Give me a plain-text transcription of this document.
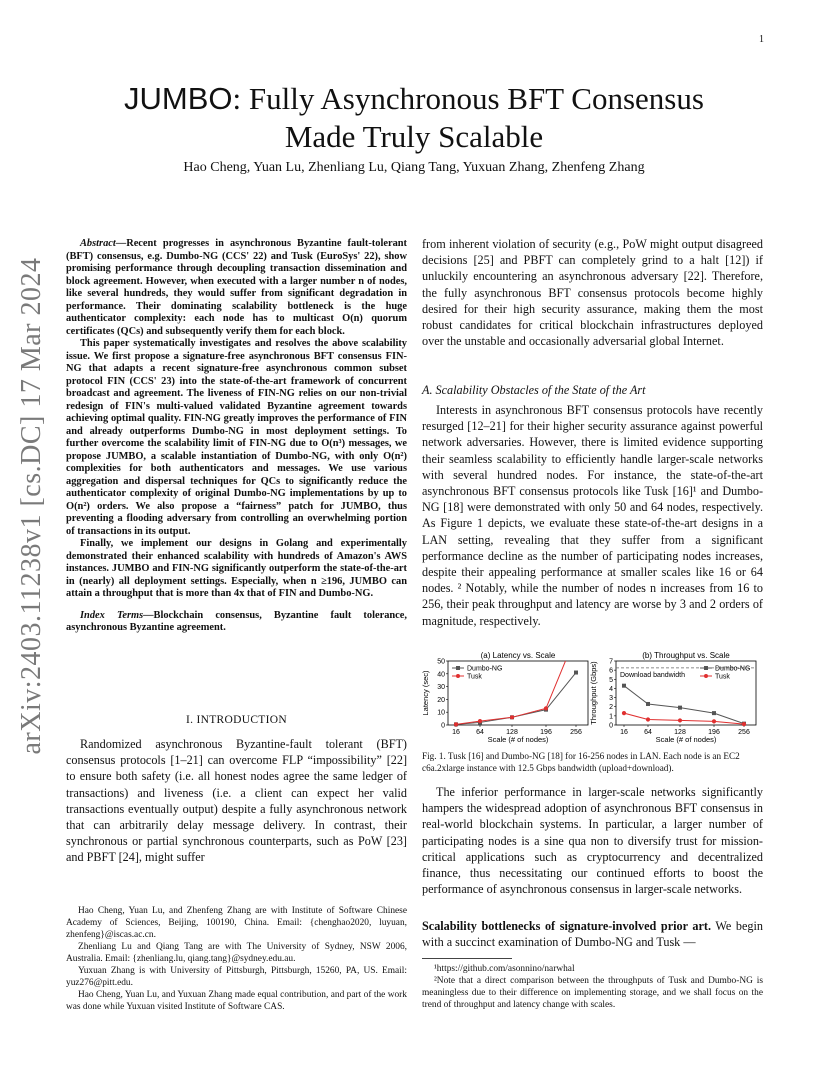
1
arXiv:2403.11238v1 [cs.DC] 17 Mar 2024
JUMBO: Fully Asynchronous BFT Consensus
Made Truly Scalable
Hao Cheng, Yuan Lu, Zhenliang Lu, Qiang Tang, Yuxuan Zhang, Zhenfeng Zhang

Abstract—Recent progresses in asynchronous Byzantine fault-tolerant (BFT) consensus, e.g. Dumbo-NG (CCS' 22) and Tusk (EuroSys' 22), show promising performance through decoupling transaction dissemination and block agreement. However, when executed with a larger number n of nodes, like several hundreds, they would suffer from significant degradation in performance. Their dominating scalability bottleneck is the huge authenticator complexity: each node has to multicast O(n) quorum certificates (QCs) and subsequently verify them for each block.

This paper systematically investigates and resolves the above scalability issue. We first propose a signature-free asynchronous BFT consensus FIN-NG that adapts a recent signature-free asynchronous common subset protocol FIN (CCS' 23) into the state-of-the-art framework of concurrent broadcast and agreement. The liveness of FIN-NG relies on our non-trivial redesign of FIN's multi-valued validated Byzantine agreement towards achieving optimal quality. FIN-NG greatly improves the performance of FIN and already outperforms Dumbo-NG in most deployment settings. To further overcome the scalability limit of FIN-NG due to O(n³) messages, we propose JUMBO, a scalable instantiation of Dumbo-NG, with only O(n²) complexities for both authenticators and messages. We use various aggregation and dispersal techniques for QCs to significantly reduce the authenticator complexity of original Dumbo-NG implementations by up to O(n²) orders. We also propose a “fairness” patch for JUMBO, thus preventing a flooding adversary from controlling an overwhelming portion of transactions in its output.

Finally, we implement our designs in Golang and experimentally demonstrated their enhanced scalability with hundreds of Amazon's AWS instances. JUMBO and FIN-NG significantly outperform the state-of-the-art in (nearly) all deployment settings. Especially, when n ≥196, JUMBO can attain a throughput that is more than 4x that of FIN and Dumbo-NG.

Index Terms—Blockchain consensus, Byzantine fault tolerance, asynchronous Byzantine agreement.

I. INTRODUCTION

Randomized asynchronous Byzantine-fault tolerant (BFT) consensus protocols [1–21] can overcome FLP “impossibility” [22] to ensure both safety (i.e. all honest nodes agree the same ledger of transactions) and liveness (i.e. a client can expect her valid transactions eventually output) despite a fully asynchronous network that can arbitrarily delay message delivery. In contrast, their synchronous or partial synchronous counterparts, such as PoW [23] and PBFT [24], might suffer

Hao Cheng, Yuan Lu, and Zhenfeng Zhang are with Institute of Software Chinese Academy of Sciences, Beijing, 100190, China. Email: {chenghao2020, luyuan, zhenfeng}@iscas.ac.cn.

Zhenliang Lu and Qiang Tang are with The University of Sydney, NSW 2006, Australia. Email: {zhenliang.lu, qiang.tang}@sydney.edu.au.

Yuxuan Zhang is with University of Pittsburgh, Pittsburgh, 15260, PA, US. Email: yuz276@pitt.edu.

Hao Cheng, Yuan Lu, and Yuxuan Zhang made equal contribution, and part of the work was done while Yuxuan visited Institute of Software CAS.

from inherent violation of security (e.g., PoW might output disagreed decisions [25] and PBFT can completely grind to a halt [12]) if unluckily encountering an asynchronous adversary [22]. Therefore, the fully asynchronous BFT consensus protocols become highly desired for their high security assurance, making them the most robust candidates for critical blockchain infrastructures deployed over the unstable and occasionally adversarial global Internet.

A. Scalability Obstacles of the State of the Art

Interests in asynchronous BFT consensus protocols have recently resurged [12–21] for their higher security assurance against powerful network adversaries. However, there is limited evidence supporting their seamless scalability to efficiently handle larger-scale networks with several hundred nodes. For instance, the state-of-the-art asynchronous BFT consensus protocols like Tusk [16]¹ and Dumbo-NG [18] were demonstrated with only 50 and 64 nodes, respectively. As Figure 1 depicts, we evaluate these state-of-the-art designs in a LAN setting, revealing that they suffer from a significant performance decline as the number of participating nodes increases, despite their appealing performance at smaller scales like 16 or 64 nodes. ² Notably, while the number of nodes n increases from 16 to 256, their peak throughput and latency are worse by 3 and 2 orders of magnitude, respectively.

(a) Latency vs. Scale
0
10
20
30
40
50
16 64	128	196	256
Scale (# of nodes)
Latency (sec)
Dumbo-NG
Tusk
(b) Throughput vs. Scale
0
1
2
3
4
5
6
7
16 64	128	196	256
Scale (# of nodes)
Throughput (Gbps)	Download bandwidth
Dumbo-NG
Tusk
Fig. 1. Tusk [16] and Dumbo-NG [18] for 16-256 nodes in LAN. Each node is an EC2 c6a.2xlarge instance with 12.5 Gbps bandwidth (upload+download).

The inferior performance in larger-scale networks significantly hampers the widespread adoption of asynchronous BFT consensus in real-world blockchain systems. In particular, a larger number of participating nodes is a sine qua non to diversify trust for mission-critical applications such as cryptocurrency and decentralized finance, thus necessitating our continued efforts to boost the performance of asynchronous consensus in larger-scale networks.

Scalability bottlenecks of signature-involved prior art. We begin with a succinct examination of Dumbo-NG and Tusk —

¹https://github.com/asonnino/narwhal

²Note that a direct comparison between the throughputs of Tusk and Dumbo-NG is meaningless due to their difference on implementing storage, and we shall focus on the trend of throughput and latency change with scales.
